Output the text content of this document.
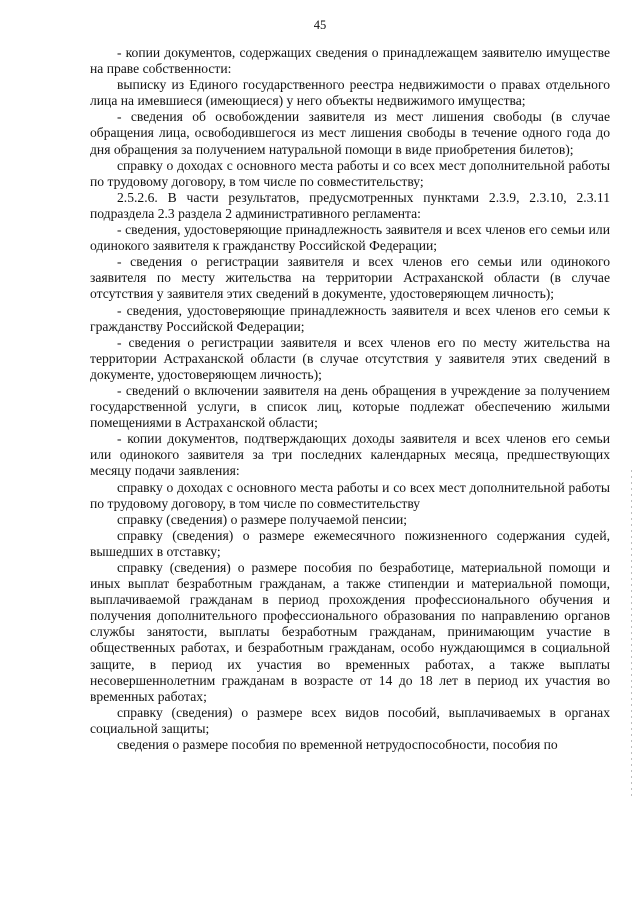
45

- копии документов, содержащих сведения о принадлежащем заявителю имуществе на праве собственности:

выписку из Единого государственного реестра недвижимости о правах отдельного лица на имевшиеся (имеющиеся) у него объекты недвижимого имущества;

- сведения об освобождении заявителя из мест лишения свободы (в случае обращения лица, освободившегося из мест лишения свободы в течение одного года до дня обращения за получением натуральной помощи в виде приобретения билетов);

справку о доходах с основного места работы и со всех мест дополнительной работы по трудовому договору, в том числе по совместительству;

2.5.2.6. В части результатов, предусмотренных пунктами 2.3.9, 2.3.10, 2.3.11 подраздела 2.3 раздела 2 административного регламента:

- сведения, удостоверяющие принадлежность заявителя и всех членов его семьи или одинокого заявителя к гражданству Российской Федерации;

- сведения о регистрации заявителя и всех членов его семьи или одинокого заявителя по месту жительства на территории Астраханской области (в случае отсутствия у заявителя этих сведений в документе, удостоверяющем личность);

- сведения, удостоверяющие принадлежность заявителя и всех членов его семьи к гражданству Российской Федерации;

- сведения о регистрации заявителя и всех членов его по месту жительства на территории Астраханской области (в случае отсутствия у заявителя этих сведений в документе, удостоверяющем личность);

- сведений о включении заявителя на день обращения в учреждение за получением государственной услуги, в список лиц, которые подлежат обеспечению жилыми помещениями в Астраханской области;

- копии документов, подтверждающих доходы заявителя и всех членов его семьи или одинокого заявителя за три последних календарных месяца, предшествующих месяцу подачи заявления:

справку о доходах с основного места работы и со всех мест дополнительной работы по трудовому договору, в том числе по совместительству

справку (сведения) о размере получаемой пенсии;

справку (сведения) о размере ежемесячного пожизненного содержания судей, вышедших в отставку;

справку (сведения) о размере пособия по безработице, материальной помощи и иных выплат безработным гражданам, а также стипендии и материальной помощи, выплачиваемой гражданам в период прохождения профессионального обучения и получения дополнительного профессионального образования по направлению органов службы занятости, выплаты безработным гражданам, принимающим участие в общественных работах, и безработным гражданам, особо нуждающимся в социальной защите, в период их участия во временных работах, а также выплаты несовершеннолетним гражданам в возрасте от 14 до 18 лет в период их участия во временных работах;

справку (сведения) о размере всех видов пособий, выплачиваемых в органах социальной защиты;

сведения о размере пособия по временной нетрудоспособности, пособия по
